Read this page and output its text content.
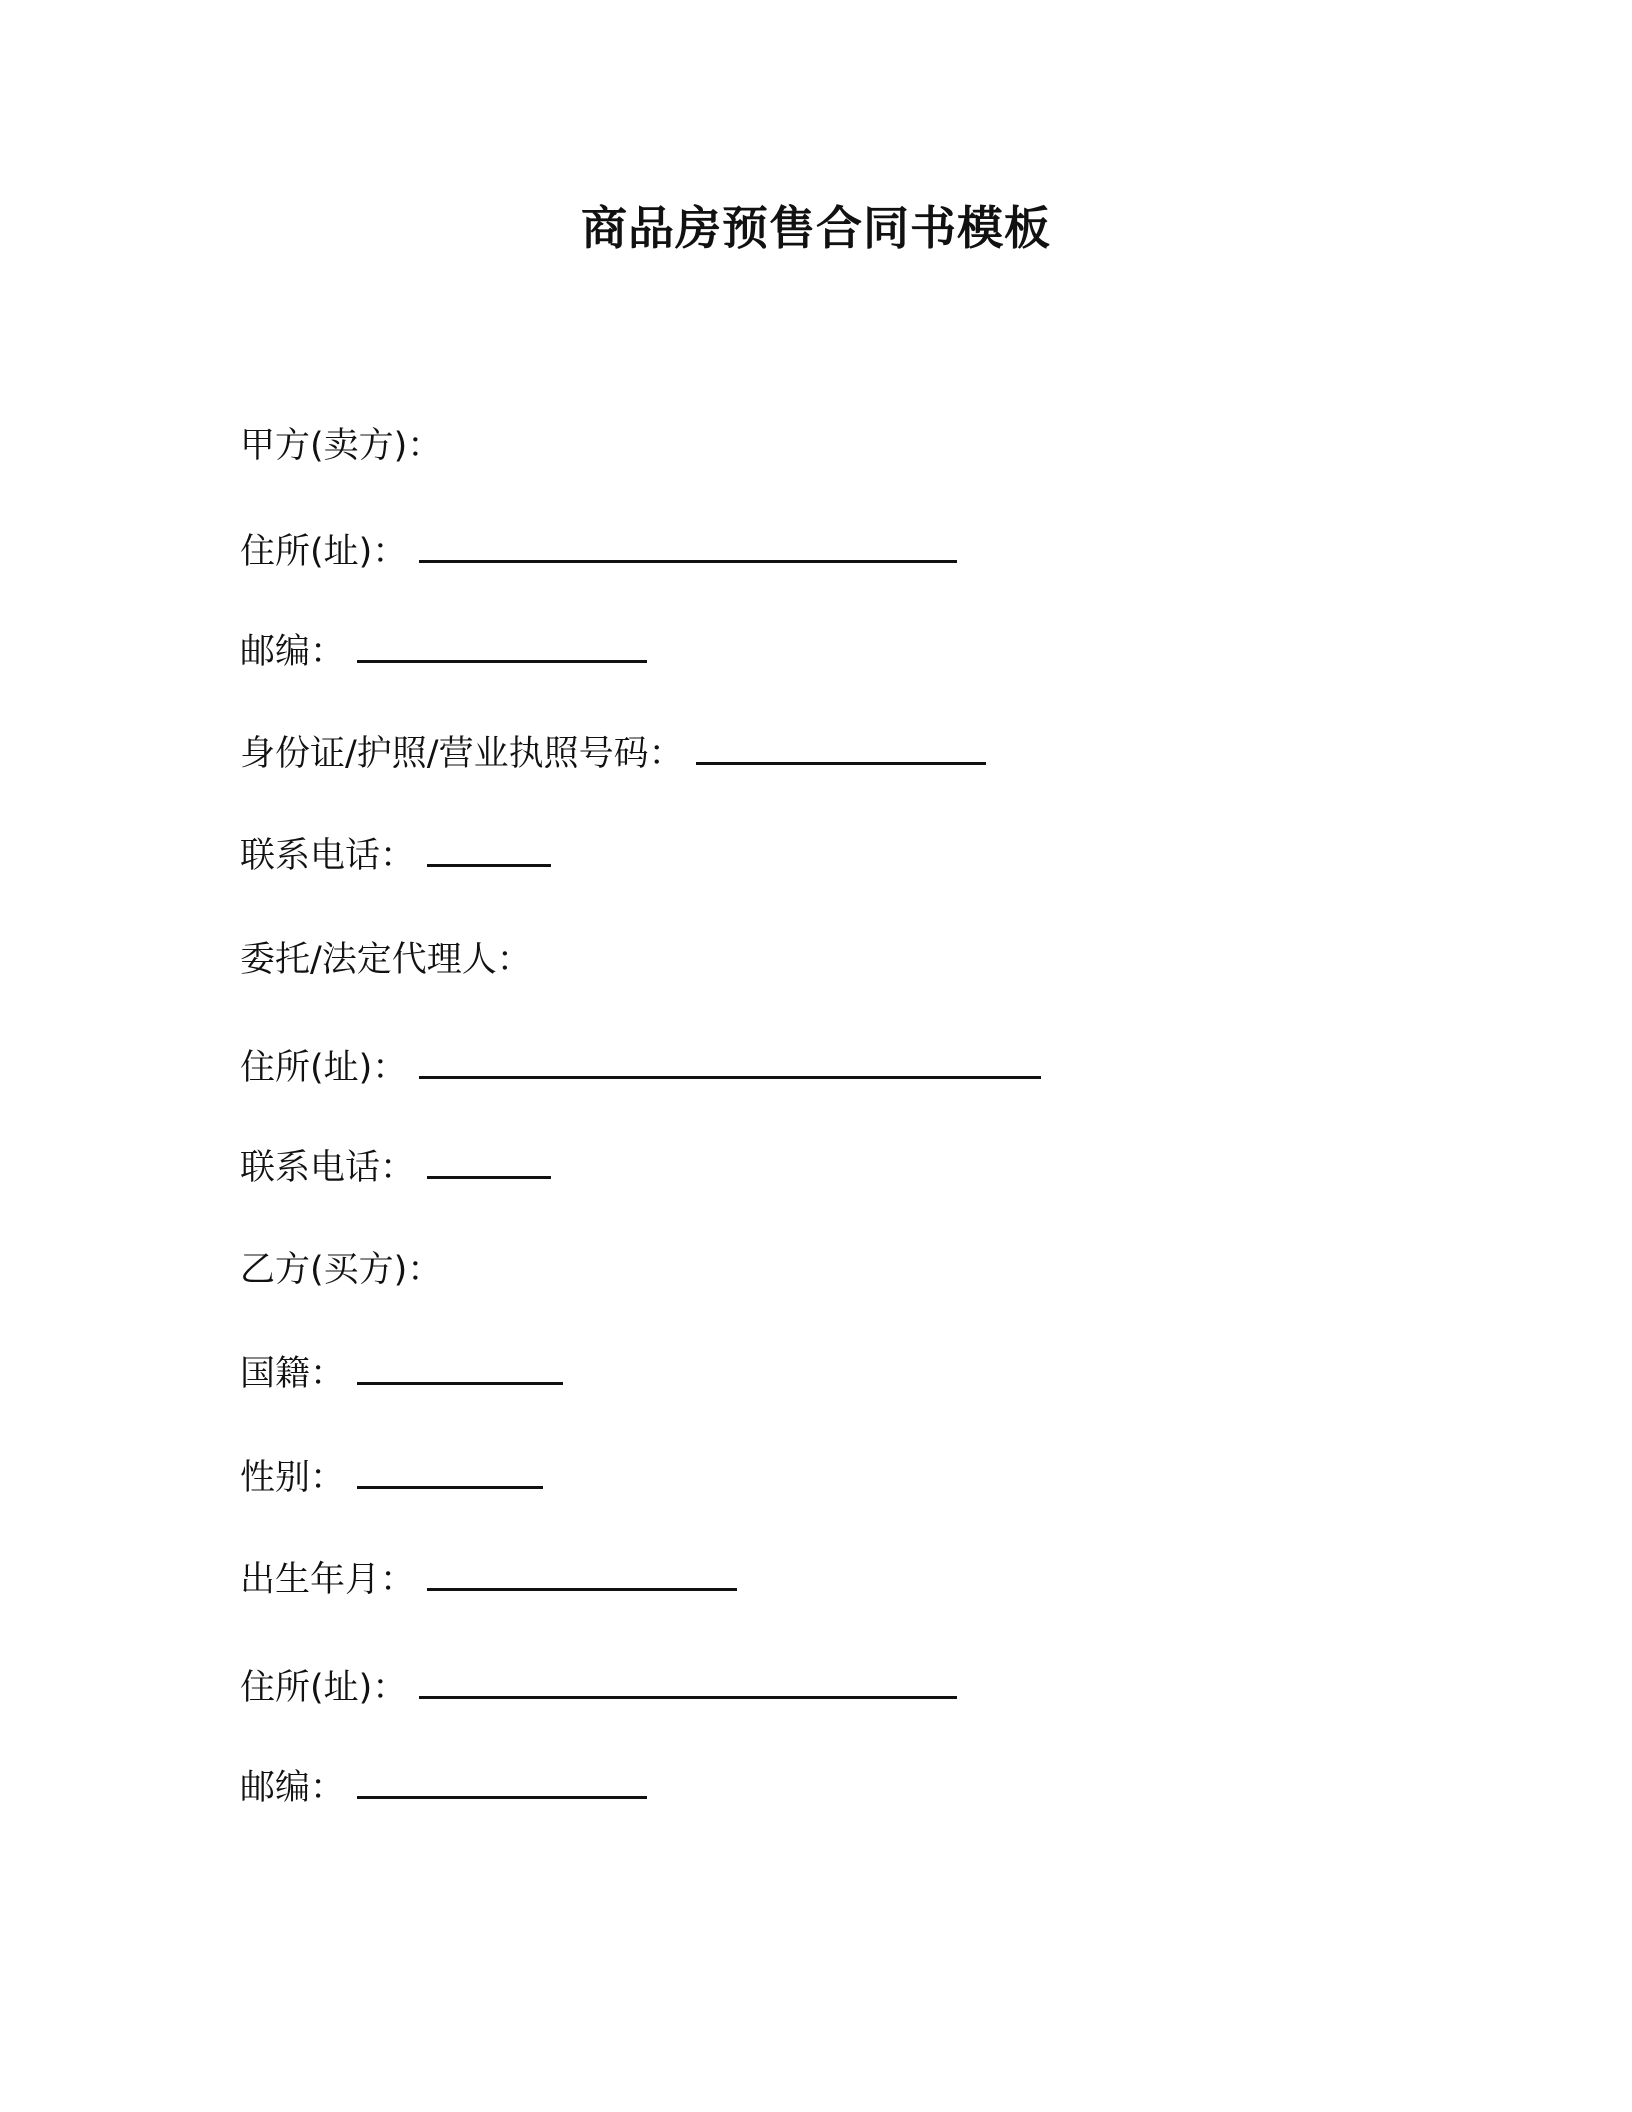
商品房预售合同书模板
甲方(卖方)：
住所(址)：
邮编：
身份证/护照/营业执照号码：
联系电话：
委托/法定代理人：
住所(址)：
联系电话：
乙方(买方)：
国籍：
性别：
出生年月：
住所(址)：
邮编：
